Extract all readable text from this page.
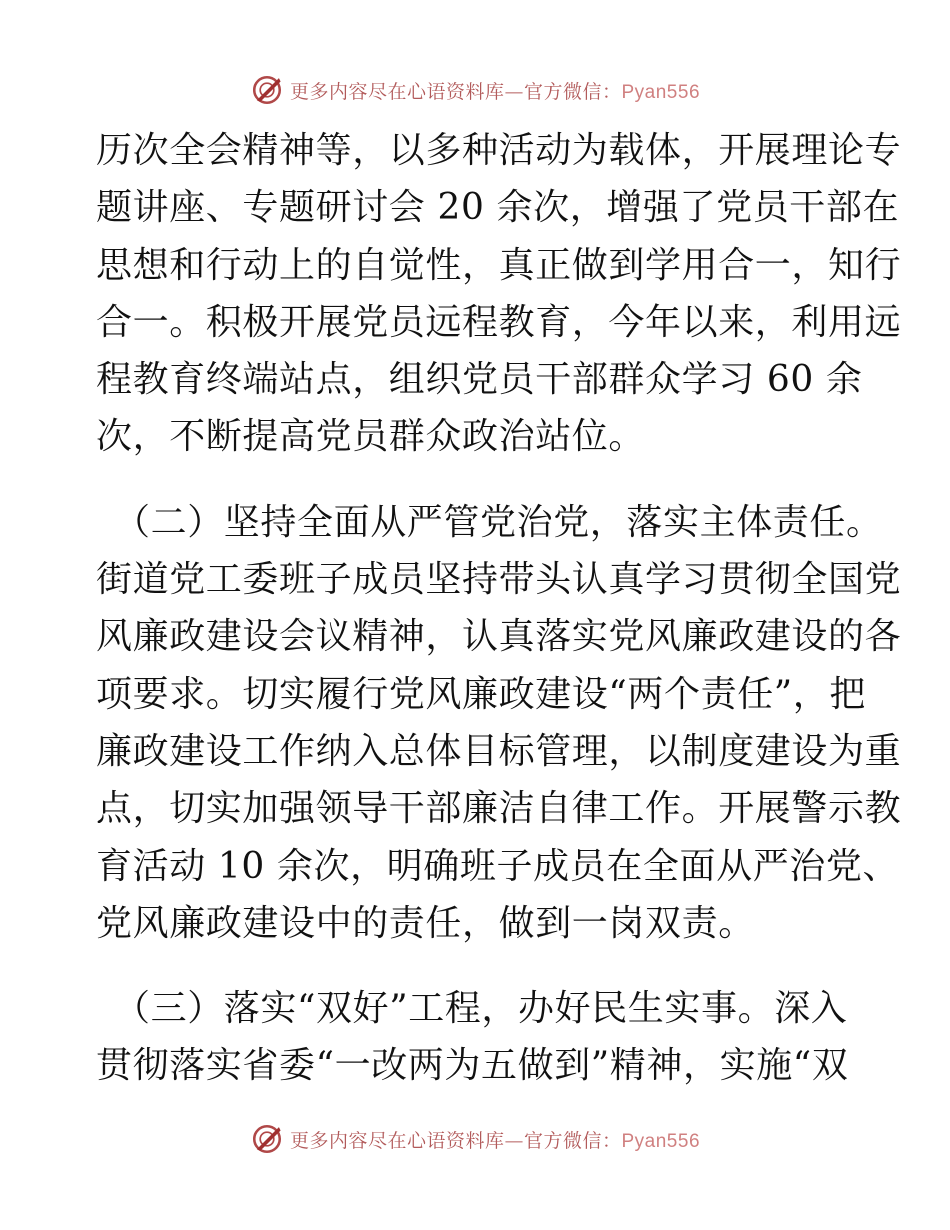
更多内容尽在心语资料库—官方微信：Pyan556
历次全会精神等，以多种活动为载体，开展理论专
题讲座、专题研讨会 20 余次，增强了党员干部在
思想和行动上的自觉性，真正做到学用合一，知行
合一。积极开展党员远程教育，今年以来，利用远
程教育终端站点，组织党员干部群众学习 60 余
次，不断提高党员群众政治站位。
（二）坚持全面从严管党治党，落实主体责任。
街道党工委班子成员坚持带头认真学习贯彻全国党
风廉政建设会议精神，认真落实党风廉政建设的各
项要求。切实履行党风廉政建设“两个责任”，把
廉政建设工作纳入总体目标管理，以制度建设为重
点，切实加强领导干部廉洁自律工作。开展警示教
育活动 10 余次，明确班子成员在全面从严治党、
党风廉政建设中的责任，做到一岗双责。
（三）落实“双好”工程，办好民生实事。深入
贯彻落实省委“一改两为五做到”精神，实施“双
更多内容尽在心语资料库—官方微信：Pyan556
